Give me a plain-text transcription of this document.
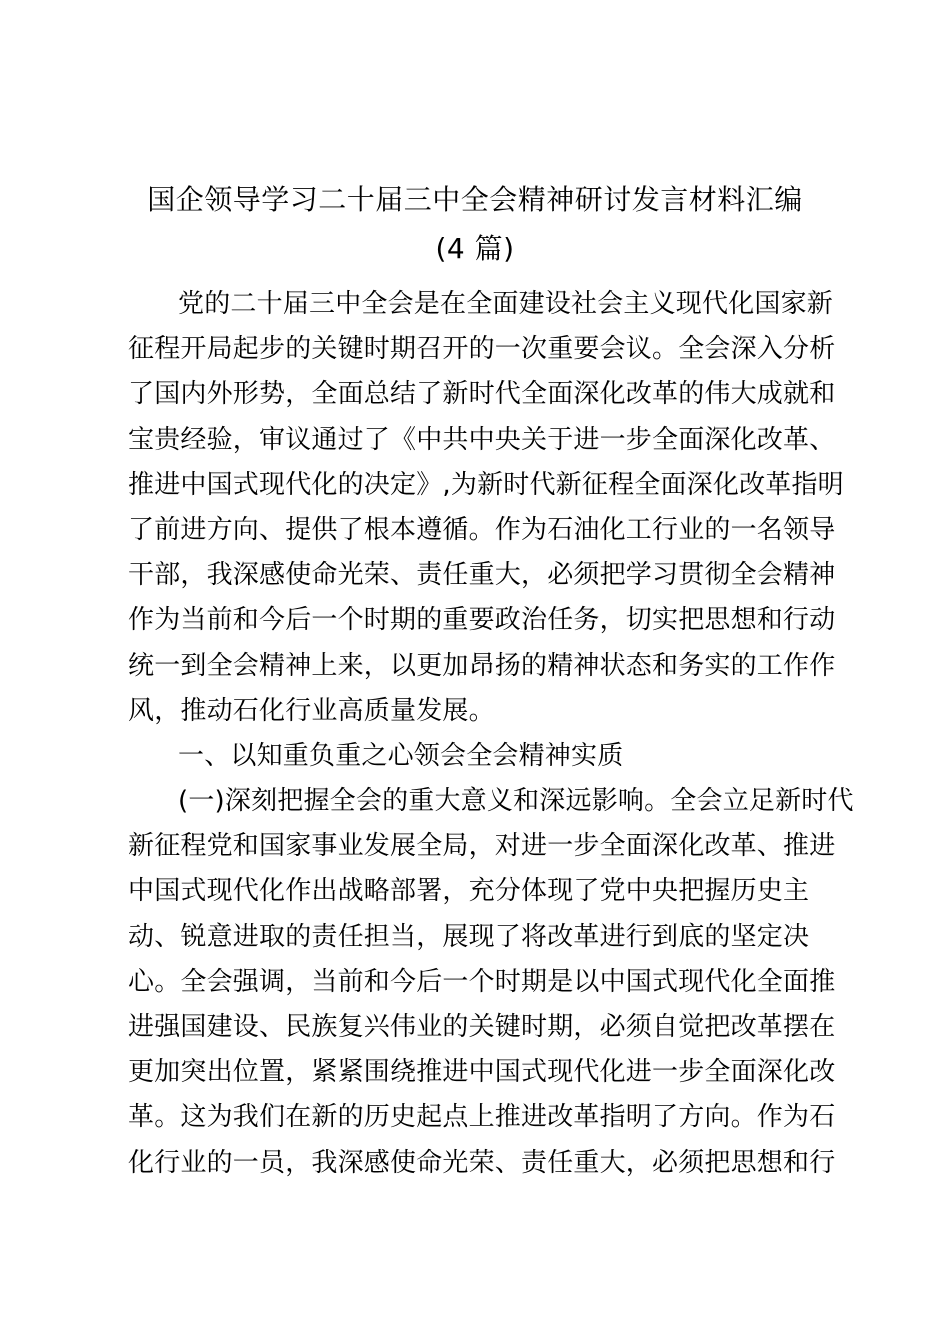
国企领导学习二十届三中全会精神研讨发言材料汇编
(4 篇)
党的二十届三中全会是在全面建设社会主义现代化国家新
征程开局起步的关键时期召开的一次重要会议。全会深入分析
了国内外形势，全面总结了新时代全面深化改革的伟大成就和
宝贵经验，审议通过了《中共中央关于进一步全面深化改革、
推进中国式现代化的决定》,为新时代新征程全面深化改革指明
了前进方向、提供了根本遵循。作为石油化工行业的一名领导
干部，我深感使命光荣、责任重大，必须把学习贯彻全会精神
作为当前和今后一个时期的重要政治任务，切实把思想和行动
统一到全会精神上来，以更加昂扬的精神状态和务实的工作作
风，推动石化行业高质量发展。
一、以知重负重之心领会全会精神实质
(一)深刻把握全会的重大意义和深远影响。全会立足新时代
新征程党和国家事业发展全局，对进一步全面深化改革、推进
中国式现代化作出战略部署，充分体现了党中央把握历史主
动、锐意进取的责任担当，展现了将改革进行到底的坚定决
心。全会强调，当前和今后一个时期是以中国式现代化全面推
进强国建设、民族复兴伟业的关键时期，必须自觉把改革摆在
更加突出位置，紧紧围绕推进中国式现代化进一步全面深化改
革。这为我们在新的历史起点上推进改革指明了方向。作为石
化行业的一员，我深感使命光荣、责任重大，必须把思想和行
